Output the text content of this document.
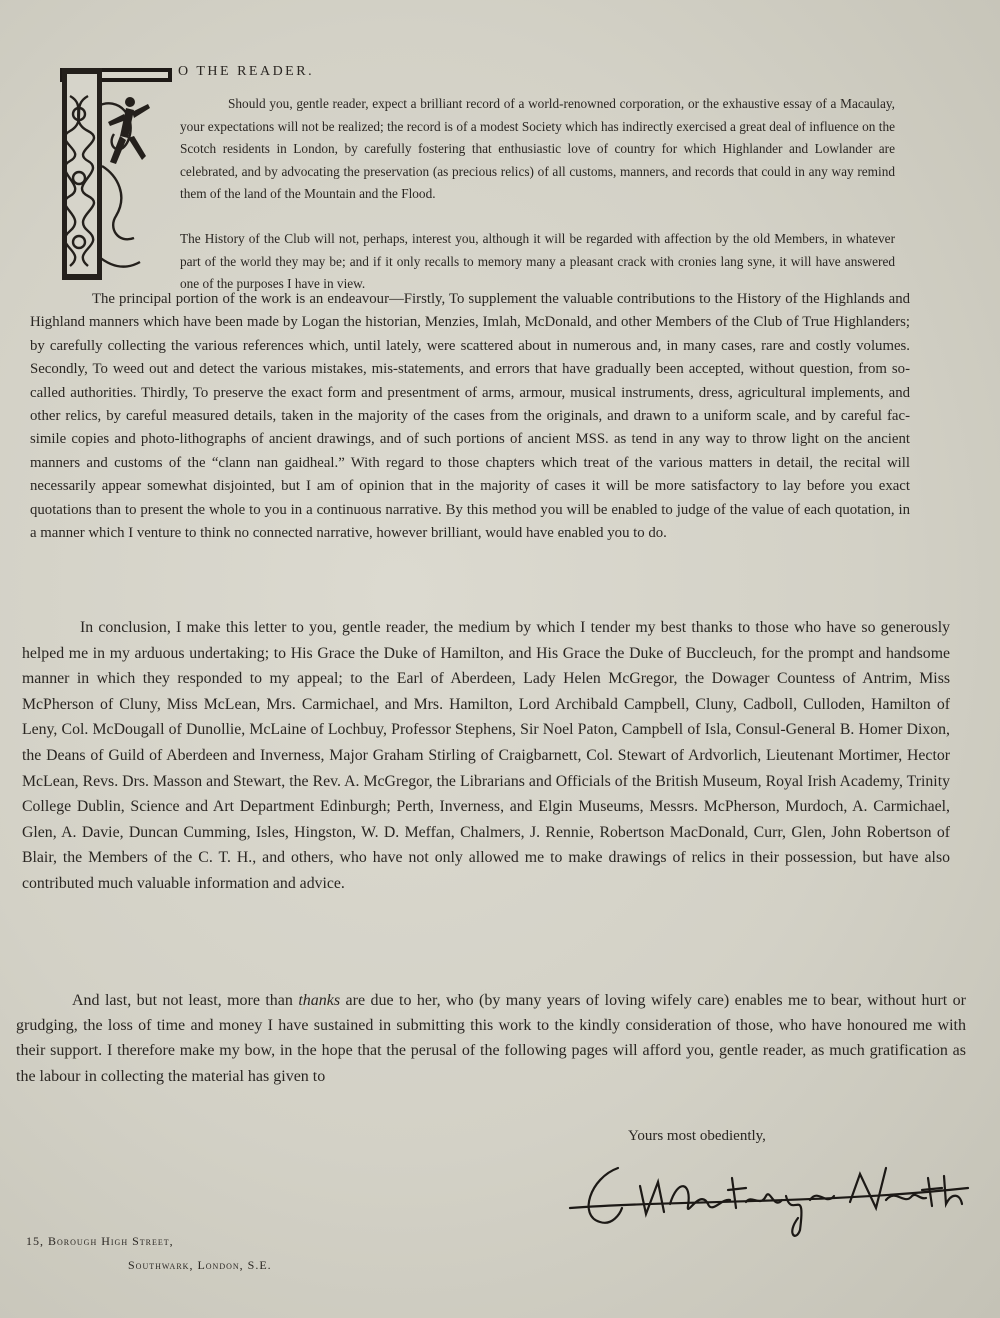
O THE READER.

Should you, gentle reader, expect a brilliant record of a world-renowned corporation, or the exhaustive essay of a Macaulay, your expectations will not be realized; the record is of a modest Society which has indirectly exercised a great deal of influence on the Scotch residents in London, by carefully fostering that enthusiastic love of country for which Highlander and Lowlander are celebrated, and by advocating the preservation (as precious relics) of all customs, manners, and records that could in any way remind them of the land of the Mountain and the Flood.

The History of the Club will not, perhaps, interest you, although it will be regarded with affection by the old Members, in whatever part of the world they may be; and if it only recalls to memory many a pleasant crack with cronies lang syne, it will have answered one of the purposes I have in view.

The principal portion of the work is an endeavour—Firstly, To supplement the valuable contributions to the History of the Highlands and Highland manners which have been made by Logan the historian, Menzies, Imlah, McDonald, and other Members of the Club of True Highlanders; by carefully collecting the various references which, until lately, were scattered about in numerous and, in many cases, rare and costly volumes. Secondly, To weed out and detect the various mistakes, mis-statements, and errors that have gradually been accepted, without question, from so-called authorities. Thirdly, To preserve the exact form and presentment of arms, armour, musical instruments, dress, agricultural implements, and other relics, by careful measured details, taken in the majority of the cases from the originals, and drawn to a uniform scale, and by careful fac-simile copies and photo-lithographs of ancient drawings, and of such portions of ancient MSS. as tend in any way to throw light on the ancient manners and customs of the “clann nan gaidheal.” With regard to those chapters which treat of the various matters in detail, the recital will necessarily appear somewhat disjointed, but I am of opinion that in the majority of cases it will be more satisfactory to lay before you exact quotations than to present the whole to you in a continuous narrative. By this method you will be enabled to judge of the value of each quotation, in a manner which I venture to think no connected narrative, however brilliant, would have enabled you to do.

In conclusion, I make this letter to you, gentle reader, the medium by which I tender my best thanks to those who have so generously helped me in my arduous undertaking; to His Grace the Duke of Hamilton, and His Grace the Duke of Buccleuch, for the prompt and handsome manner in which they responded to my appeal; to the Earl of Aberdeen, Lady Helen McGregor, the Dowager Countess of Antrim, Miss McPherson of Cluny, Miss McLean, Mrs. Carmichael, and Mrs. Hamilton, Lord Archibald Campbell, Cluny, Cadboll, Culloden, Hamilton of Leny, Col. McDougall of Dunollie, McLaine of Lochbuy, Professor Stephens, Sir Noel Paton, Campbell of Isla, Consul-General B. Homer Dixon, the Deans of Guild of Aberdeen and Inverness, Major Graham Stirling of Craigbarnett, Col. Stewart of Ardvorlich, Lieutenant Mortimer, Hector McLean, Revs. Drs. Masson and Stewart, the Rev. A. McGregor, the Librarians and Officials of the British Museum, Royal Irish Academy, Trinity College Dublin, Science and Art Department Edinburgh; Perth, Inverness, and Elgin Museums, Messrs. McPherson, Murdoch, A. Carmichael, Glen, A. Davie, Duncan Cumming, Isles, Hingston, W. D. Meffan, Chalmers, J. Rennie, Robertson MacDonald, Curr, Glen, John Robertson of Blair, the Members of the C. T. H., and others, who have not only allowed me to make drawings of relics in their possession, but have also contributed much valuable information and advice.

And last, but not least, more than thanks are due to her, who (by many years of loving wifely care) enables me to bear, without hurt or grudging, the loss of time and money I have sustained in submitting this work to the kindly consideration of those, who have honoured me with their support. I therefore make my bow, in the hope that the perusal of the following pages will afford you, gentle reader, as much gratification as the labour in collecting the material has given to

Yours most obediently,
15, Borough High Street,
Southwark, London, S.E.
